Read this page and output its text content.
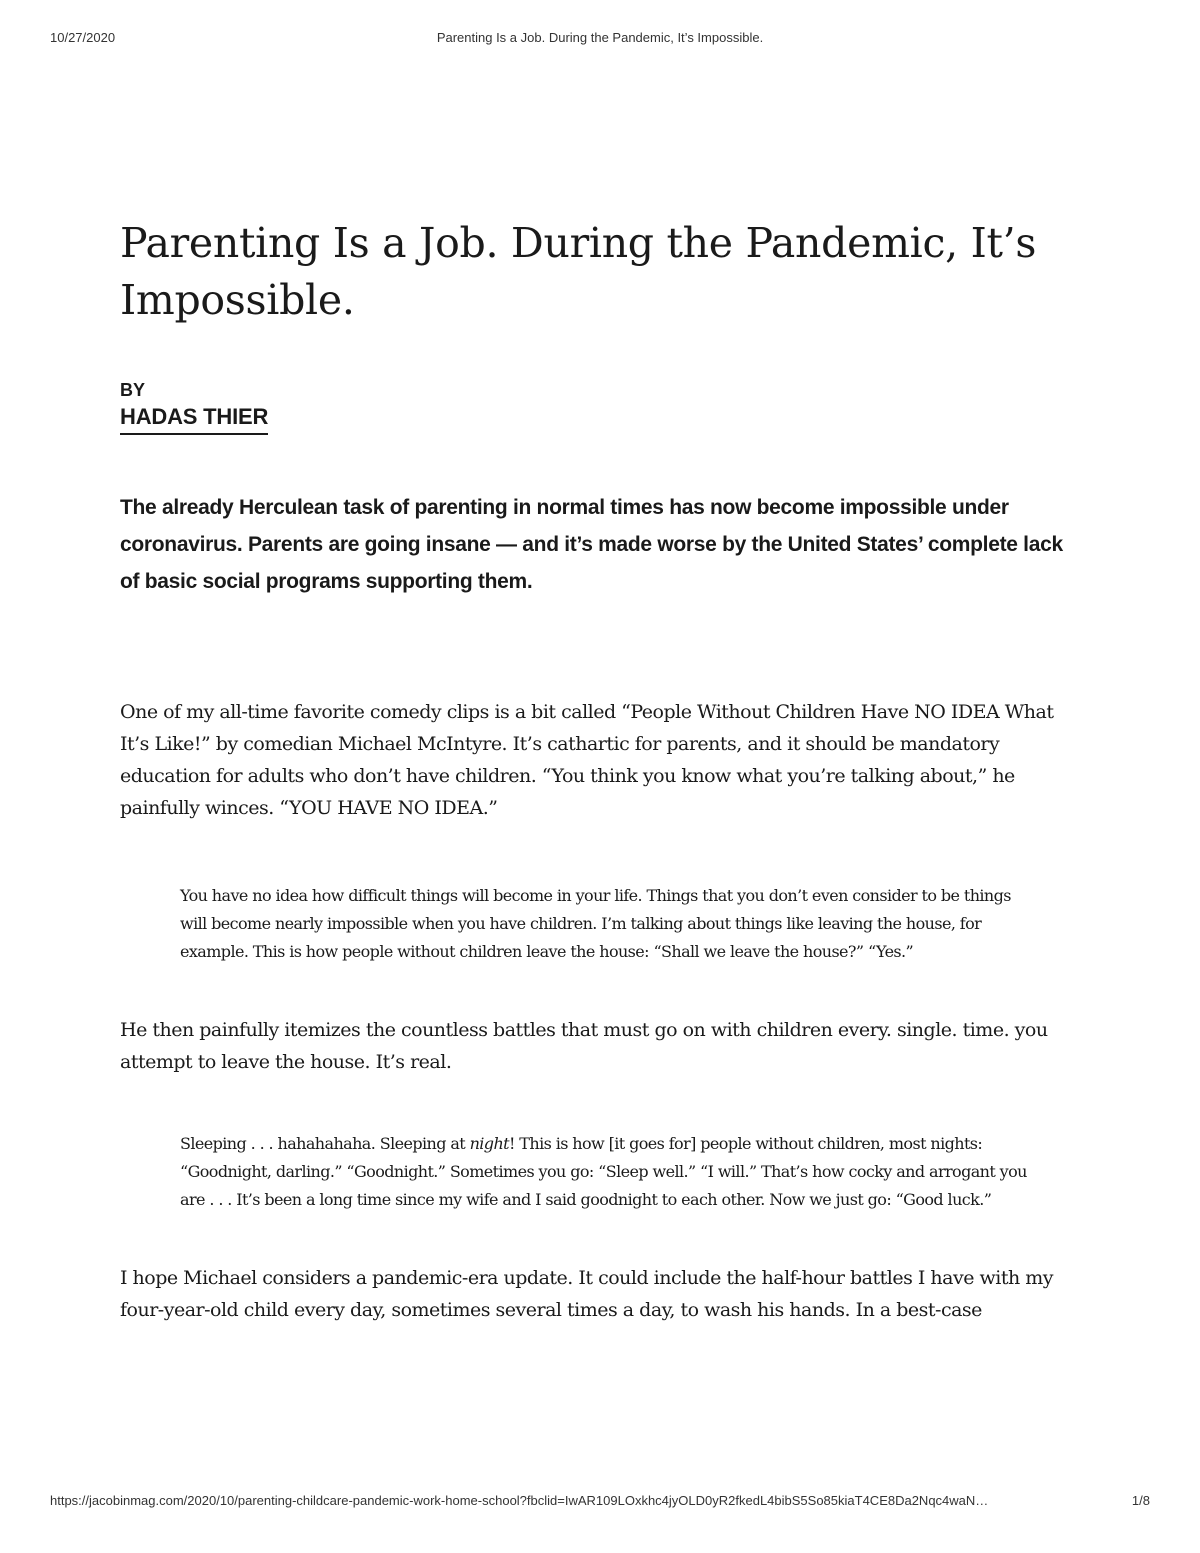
10/27/2020	Parenting Is a Job. During the Pandemic, It’s Impossible.
Parenting Is a Job. During the Pandemic, It’s Impossible.
BY
HADAS THIER
The already Herculean task of parenting in normal times has now become impossible under coronavirus. Parents are going insane — and it’s made worse by the United States’ complete lack of basic social programs supporting them.

One of my all-time favorite comedy clips is a bit called “People Without Children Have NO IDEA What It’s Like!” by comedian Michael McIntyre. It’s cathartic for parents, and it should be mandatory education for adults who don’t have children. “You think you know what you’re talking about,” he painfully winces. “YOU HAVE NO IDEA.”

You have no idea how difficult things will become in your life. Things that you don’t even consider to be things will become nearly impossible when you have children. I’m talking about things like leaving the house, for example. This is how people without children leave the house: “Shall we leave the house?” “Yes.”

He then painfully itemizes the countless battles that must go on with children every. single. time. you attempt to leave the house. It’s real.

Sleeping . . . hahahahaha. Sleeping at night! This is how [it goes for] people without children, most nights: “Goodnight, darling.” “Goodnight.” Sometimes you go: “Sleep well.” “I will.” That’s how cocky and arrogant you are . . . It’s been a long time since my wife and I said goodnight to each other. Now we just go: “Good luck.”

I hope Michael considers a pandemic-era update. It could include the half-hour battles I have with my four-year-old child every day, sometimes several times a day, to wash his hands. In a best-case

https://jacobinmag.com/2020/10/parenting-childcare-pandemic-work-home-school?fbclid=IwAR109LOxkhc4jyOLD0yR2fkedL4bibS5So85kiaT4CE8Da2Nqc4waN…	1/8
